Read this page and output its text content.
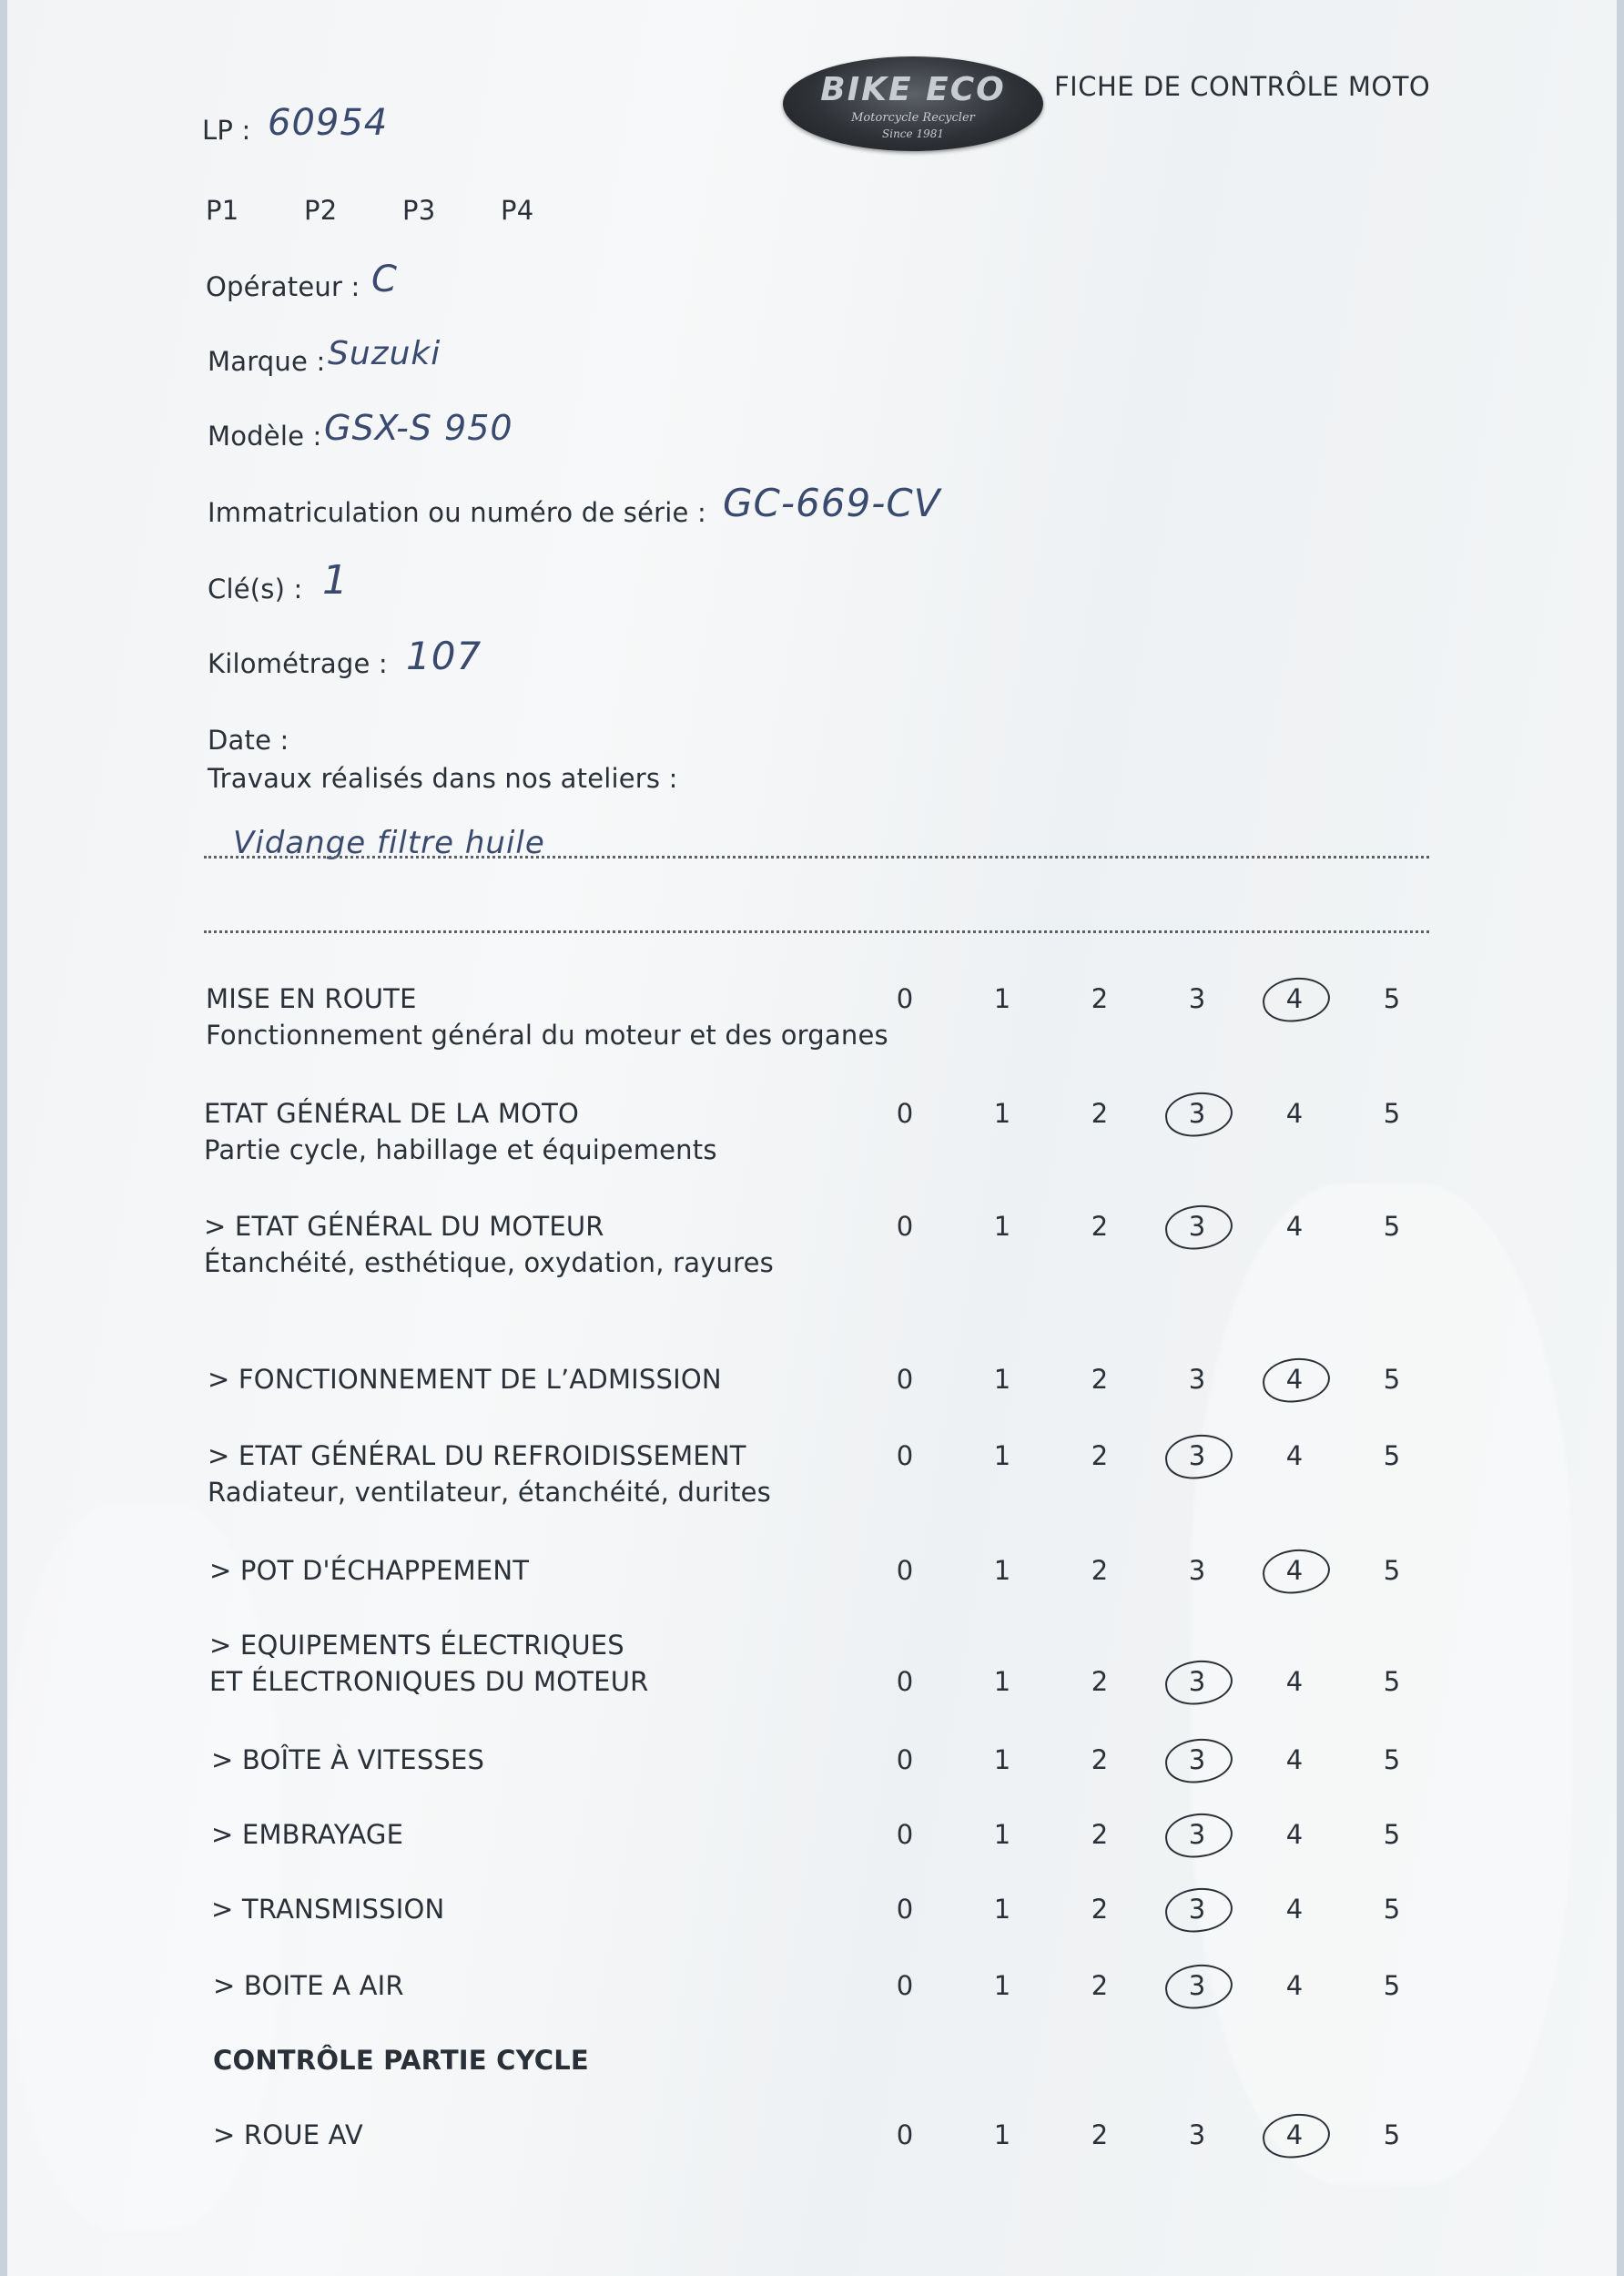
BIKE ECO
Motorcycle Recycler
Since 1981
FICHE DE CONTRÔLE MOTO
LP : 60954
P1 P2 P3 P4
Opérateur : C
Marque : Suzuki
Modèle : GSX-S 950
Immatriculation ou numéro de série : GC-669-CV
Clé(s) : 1
Kilométrage : 107
Date :
Travaux réalisés dans nos ateliers :
Vidange filtre huile
CONTRÔLE PARTIE CYCLE
MISE EN ROUTE
Fonctionnement général du moteur et des organes
0	1	2	3	4	5
ETAT GÉNÉRAL DE LA MOTO
Partie cycle, habillage et équipements
0	1	2	3	4	5
> ETAT GÉNÉRAL DU MOTEUR
Étanchéité, esthétique, oxydation, rayures
0	1	2	3	4	5
> FONCTIONNEMENT DE L’ADMISSION	0	1	2	3	4	5
> ETAT GÉNÉRAL DU REFROIDISSEMENT
Radiateur, ventilateur, étanchéité, durites
0	1	2	3	4	5
> POT D'ÉCHAPPEMENT	0	1	2	3	4	5
> EQUIPEMENTS ÉLECTRIQUES
ET ÉLECTRONIQUES DU MOTEUR	0	1	2	3	4	5
> BOÎTE À VITESSES	0	1	2	3	4	5
> EMBRAYAGE	0	1	2	3	4	5
> TRANSMISSION	0	1	2	3	4	5
> BOITE A AIR	0	1	2	3	4	5
> ROUE AV	0	1	2	3	4	5
